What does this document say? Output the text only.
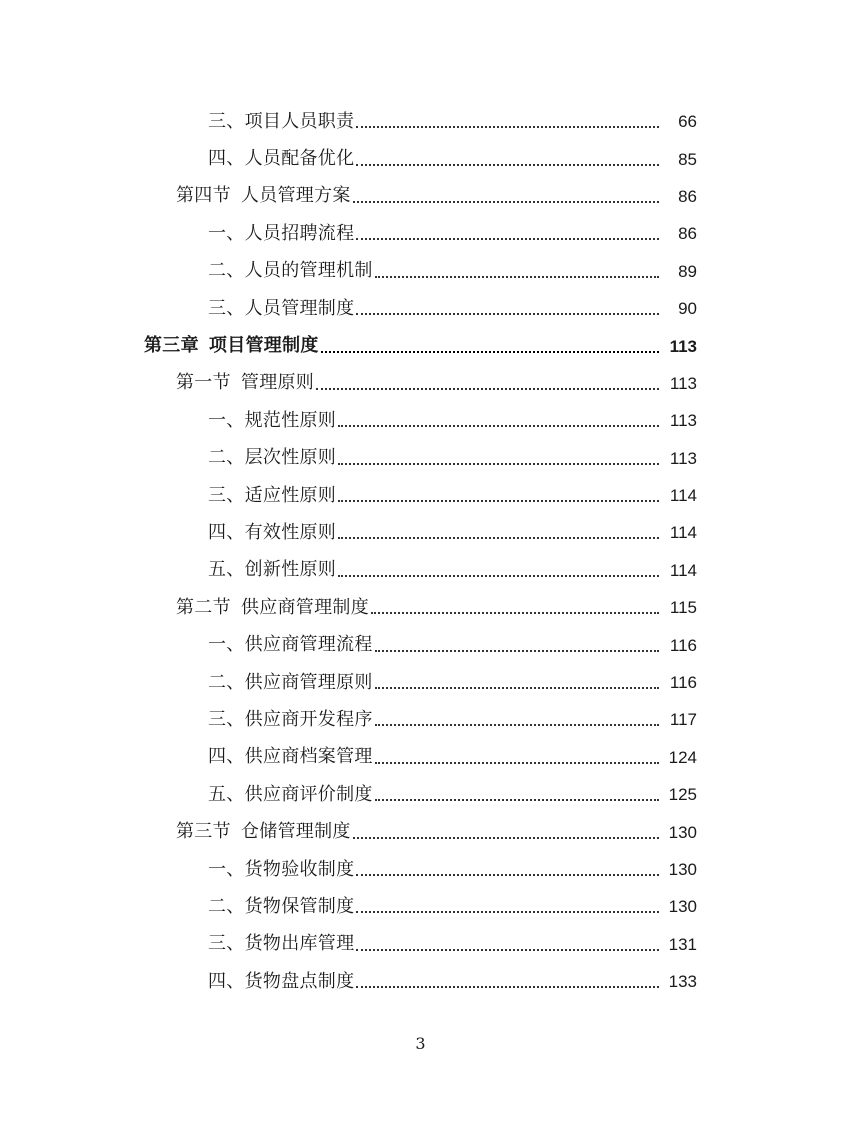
三、 项目人员职责	66
四、 人员配备优化	85
第四节 人员管理方案	86
一、 人员招聘流程	86
二、 人员的管理机制	89
三、 人员管理制度	90
第三章 项目管理制度	113
第一节 管理原则	113
一、 规范性原则	113
二、 层次性原则	113
三、 适应性原则	114
四、 有效性原则	114
五、 创新性原则	114
第二节 供应商管理制度	115
一、 供应商管理流程	116
二、 供应商管理原则	116
三、 供应商开发程序	117
四、 供应商档案管理	124
五、 供应商评价制度	125
第三节 仓储管理制度	130
一、 货物验收制度	130
二、 货物保管制度	130
三、 货物出库管理	131
四、 货物盘点制度	133
3
